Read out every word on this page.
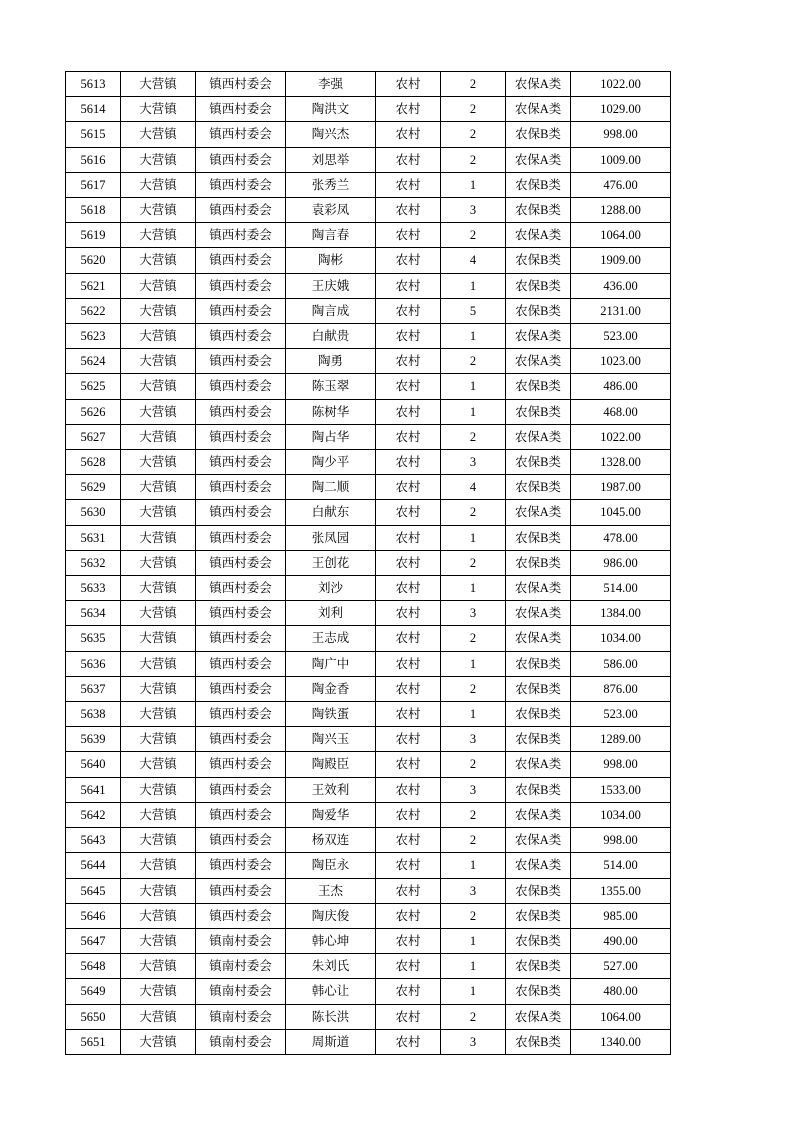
5613	大营镇	镇西村委会	李强	农村	2	农保A类	1022.00
5614	大营镇	镇西村委会	陶洪文	农村	2	农保A类	1029.00
5615	大营镇	镇西村委会	陶兴杰	农村	2	农保B类	998.00
5616	大营镇	镇西村委会	刘思举	农村	2	农保A类	1009.00
5617	大营镇	镇西村委会	张秀兰	农村	1	农保B类	476.00
5618	大营镇	镇西村委会	袁彩凤	农村	3	农保B类	1288.00
5619	大营镇	镇西村委会	陶言春	农村	2	农保A类	1064.00
5620	大营镇	镇西村委会	陶彬	农村	4	农保B类	1909.00
5621	大营镇	镇西村委会	王庆娥	农村	1	农保B类	436.00
5622	大营镇	镇西村委会	陶言成	农村	5	农保B类	2131.00
5623	大营镇	镇西村委会	白献贵	农村	1	农保A类	523.00
5624	大营镇	镇西村委会	陶勇	农村	2	农保A类	1023.00
5625	大营镇	镇西村委会	陈玉翠	农村	1	农保B类	486.00
5626	大营镇	镇西村委会	陈树华	农村	1	农保B类	468.00
5627	大营镇	镇西村委会	陶占华	农村	2	农保A类	1022.00
5628	大营镇	镇西村委会	陶少平	农村	3	农保B类	1328.00
5629	大营镇	镇西村委会	陶二顺	农村	4	农保B类	1987.00
5630	大营镇	镇西村委会	白献东	农村	2	农保A类	1045.00
5631	大营镇	镇西村委会	张凤园	农村	1	农保B类	478.00
5632	大营镇	镇西村委会	王创花	农村	2	农保B类	986.00
5633	大营镇	镇西村委会	刘沙	农村	1	农保A类	514.00
5634	大营镇	镇西村委会	刘利	农村	3	农保A类	1384.00
5635	大营镇	镇西村委会	王志成	农村	2	农保A类	1034.00
5636	大营镇	镇西村委会	陶广中	农村	1	农保B类	586.00
5637	大营镇	镇西村委会	陶金香	农村	2	农保B类	876.00
5638	大营镇	镇西村委会	陶铁蛋	农村	1	农保B类	523.00
5639	大营镇	镇西村委会	陶兴玉	农村	3	农保B类	1289.00
5640	大营镇	镇西村委会	陶殿臣	农村	2	农保A类	998.00
5641	大营镇	镇西村委会	王效利	农村	3	农保B类	1533.00
5642	大营镇	镇西村委会	陶爱华	农村	2	农保A类	1034.00
5643	大营镇	镇西村委会	杨双连	农村	2	农保A类	998.00
5644	大营镇	镇西村委会	陶臣永	农村	1	农保A类	514.00
5645	大营镇	镇西村委会	王杰	农村	3	农保B类	1355.00
5646	大营镇	镇西村委会	陶庆俊	农村	2	农保B类	985.00
5647	大营镇	镇南村委会	韩心坤	农村	1	农保B类	490.00
5648	大营镇	镇南村委会	朱刘氏	农村	1	农保B类	527.00
5649	大营镇	镇南村委会	韩心让	农村	1	农保B类	480.00
5650	大营镇	镇南村委会	陈长洪	农村	2	农保A类	1064.00
5651	大营镇	镇南村委会	周斯道	农村	3	农保B类	1340.00
